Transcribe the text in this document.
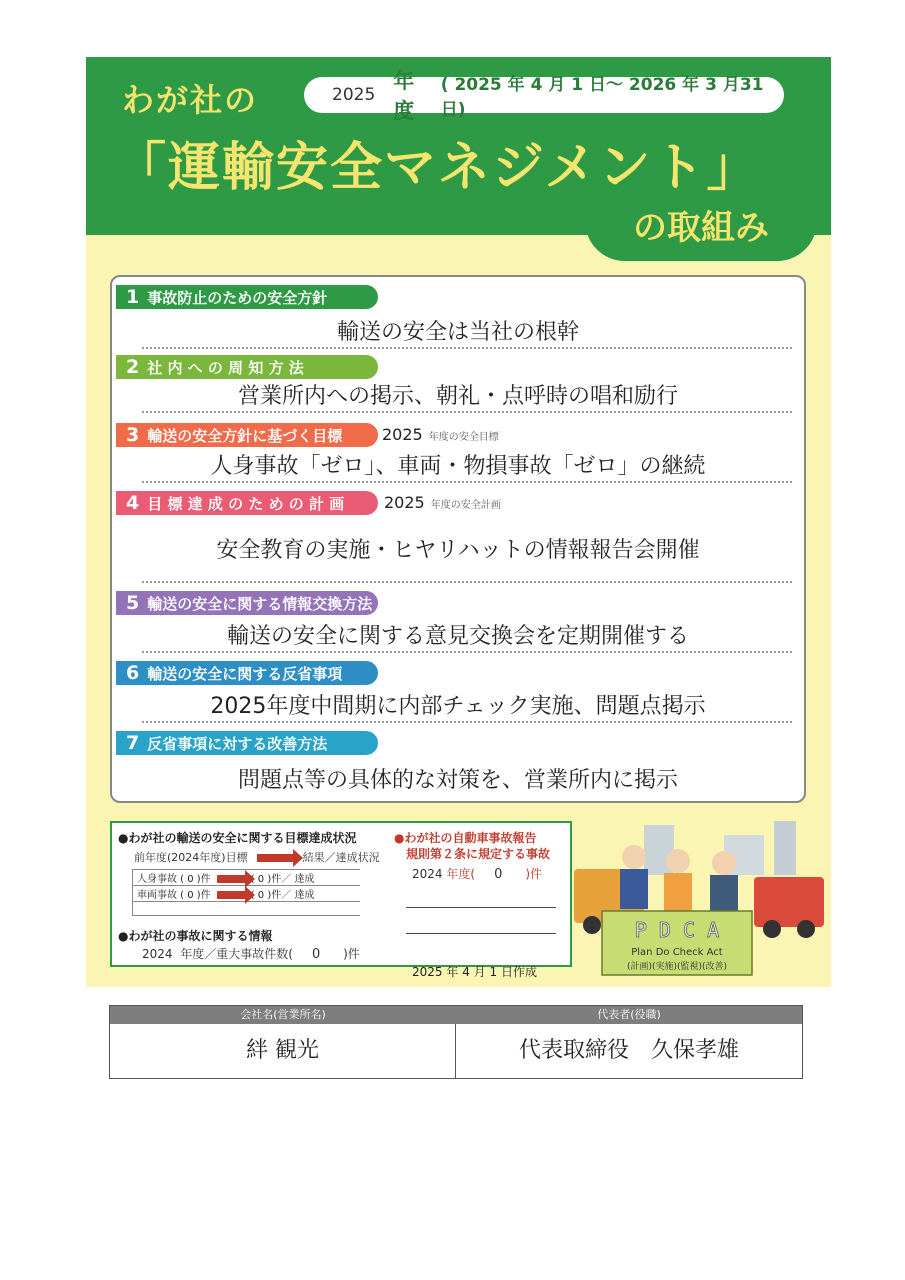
わが社の	2025
年度
( 2025 年 4 月 1 日～ 2026 年 3 月31日)
「運輸安全マネジメント」
の取組み
1 事故防止のための安全方針
輸送の安全は当社の根幹
2 社 内 へ の 周 知 方 法
営業所内への掲示、朝礼・点呼時の唱和励行
3 輸送の安全方針に基づく目標	2025 年度の安全目標
人身事故「ゼロ」、車両・物損事故「ゼロ」の継続
4 目 標 達 成 の た め の 計 画	2025 年度の安全計画
安全教育の実施・ヒヤリハットの情報報告会開催
5 輸送の安全に関する情報交換方法
輸送の安全に関する意見交換会を定期開催する
6 輸送の安全に関する反省事項
2025年度中間期に内部チェック実施、問題点掲示
7 反省事項に対する改善方法
問題点等の具体的な対策を、営業所内に掲示
●わが社の輸送の安全に関する目標達成状況
前年度(2024年度)目標	結果／達成状況
人身事故 ( 0 )件	( 0 )件／ 達成
車両事故 ( 0 )件	( 0 )件／ 達成

●わが社の事故に関する情報
2024 年度／重大事故件数( 0 )件
●わが社の自動車事故報告
規則第２条に規定する事故
2024 年度( 0 )件
2025 年 4 月 1 日作成
P D C A
Plan Do Check Act
(計画)(実施)(監視)(改善)
会社名(営業所名)	代表者(役職)
絆 観光	代表取締役　久保孝雄
